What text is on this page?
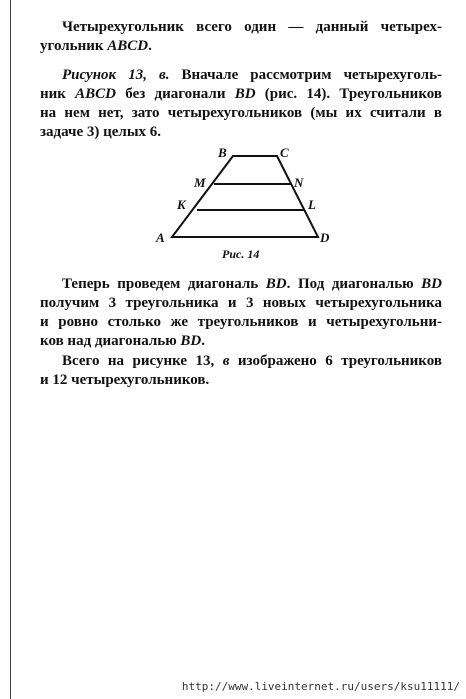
Четырехугольник всего один — данный четырех-
угольник ABCD.

Рисунок 13, в. Вначале рассмотрим четырехуголь-
ник ABCD без диагонали BD (рис. 14). Треугольников
на нем нет, зато четырехугольников (мы их считали в
задаче 3) целых 6.

B	C
M	N
K	L
A	D
Рис. 14

Теперь проведем диагональ BD. Под диагональю BD
получим 3 треугольника и 3 новых четырехугольника
и ровно столько же треугольников и четырехугольни-
ков над диагональю BD.

Всего на рисунке 13, в изображено 6 треугольников
и 12 четырехугольников.

http://www.liveinternet.ru/users/ksu11111/
